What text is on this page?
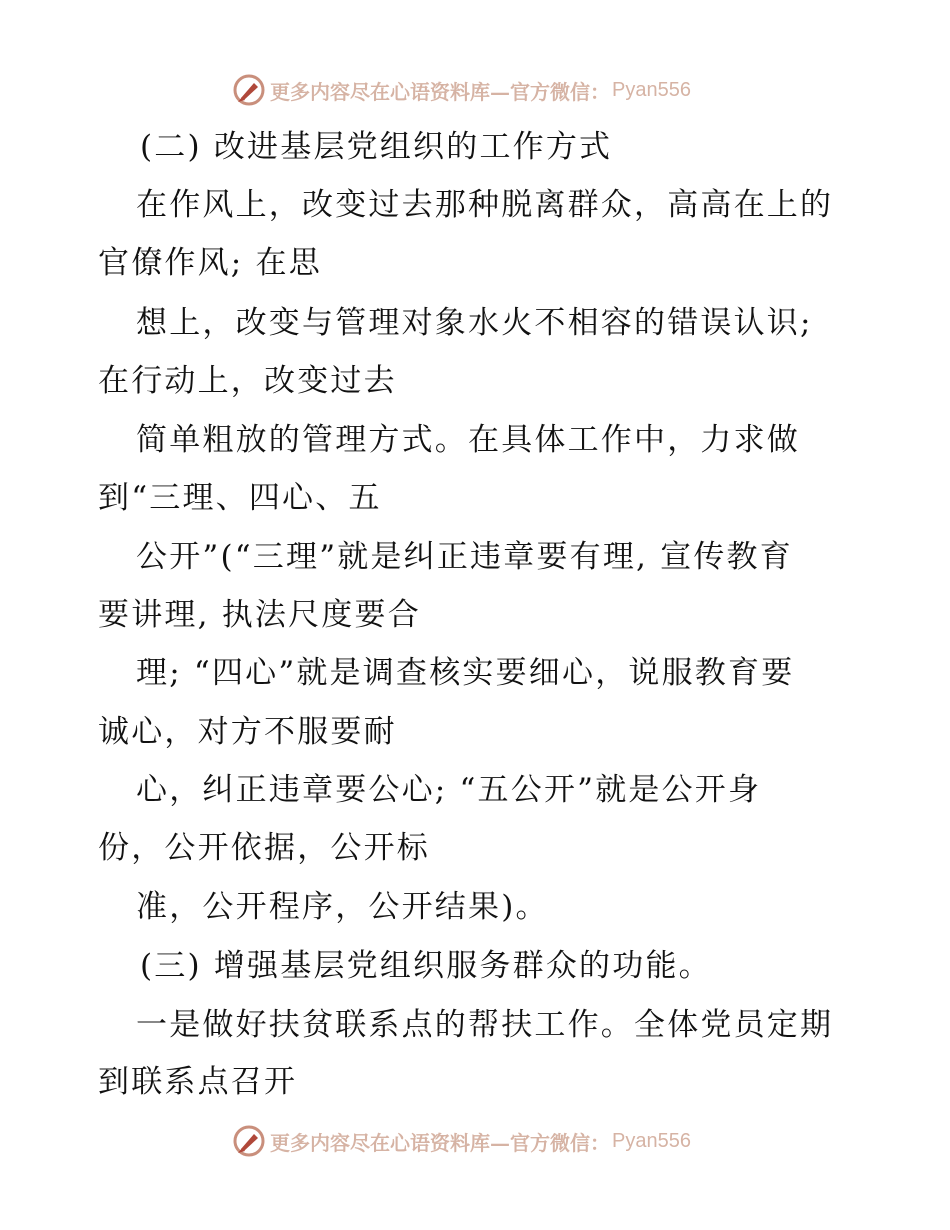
更多内容尽在心语资料库—官方微信： Pyan556
(二) 改进基层党组织的工作方式
在作风上，改变过去那种脱离群众，高高在上的
官僚作风; 在思
想上，改变与管理对象水火不相容的错误认识;
在行动上，改变过去
简单粗放的管理方式。在具体工作中，力求做
到“三理、四心、五
公开”(“三理”就是纠正违章要有理, 宣传教育
要讲理, 执法尺度要合
理; “四心”就是调查核实要细心，说服教育要
诚心，对方不服要耐
心，纠正违章要公心; “五公开”就是公开身
份，公开依据，公开标
准，公开程序，公开结果)。
(三) 增强基层党组织服务群众的功能。
一是做好扶贫联系点的帮扶工作。全体党员定期
到联系点召开
更多内容尽在心语资料库—官方微信： Pyan556
